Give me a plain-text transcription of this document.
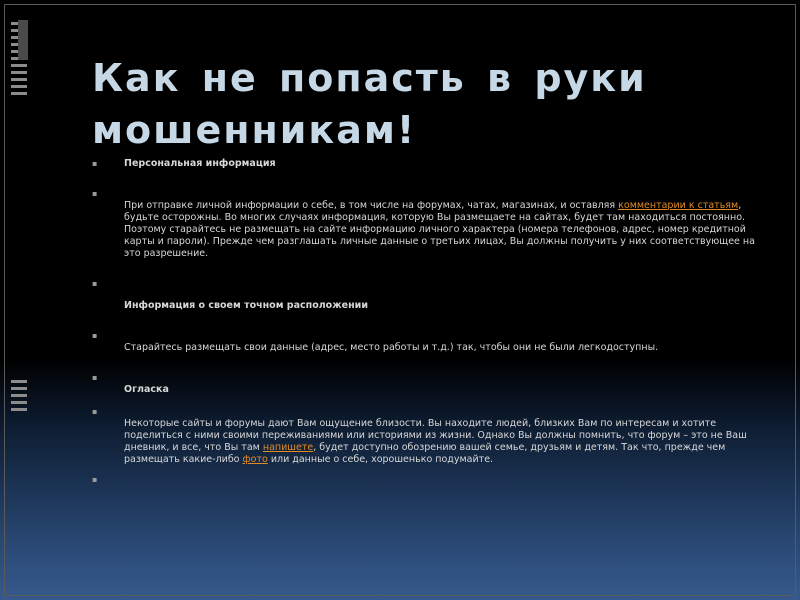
Как не попасть в руки мошенникам!
▪	Персональная информация
▪
При отправке личной информации о себе, в том числе на форумах, чатах, магазинах, и оставляя комментарии к статьям, будьте осторожны. Во многих случаях информация, которую Вы размещаете на сайтах, будет там находиться постоянно. Поэтому старайтесь не размещать на сайте информацию личного характера (номера телефонов, адрес, номер кредитной карты и пароли). Прежде чем разглашать личные данные о третьих лицах, Вы должны получить у них соответствующее на это разрешение.
▪
Информация о своем точном расположении
▪
Старайтесь размещать свои данные (адрес, место работы и т.д.) так, чтобы они не были легкодоступны.
▪
Огласка
▪
Некоторые сайты и форумы дают Вам ощущение близости. Вы находите людей, близких Вам по интересам и хотите поделиться с ними своими переживаниями или историями из жизни. Однако Вы должны помнить, что форум – это не Ваш дневник, и все, что Вы там напишете, будет доступно обозрению вашей семье, друзьям и детям. Так что, прежде чем размещать какие-либо фото или данные о себе, хорошенько подумайте.
▪
